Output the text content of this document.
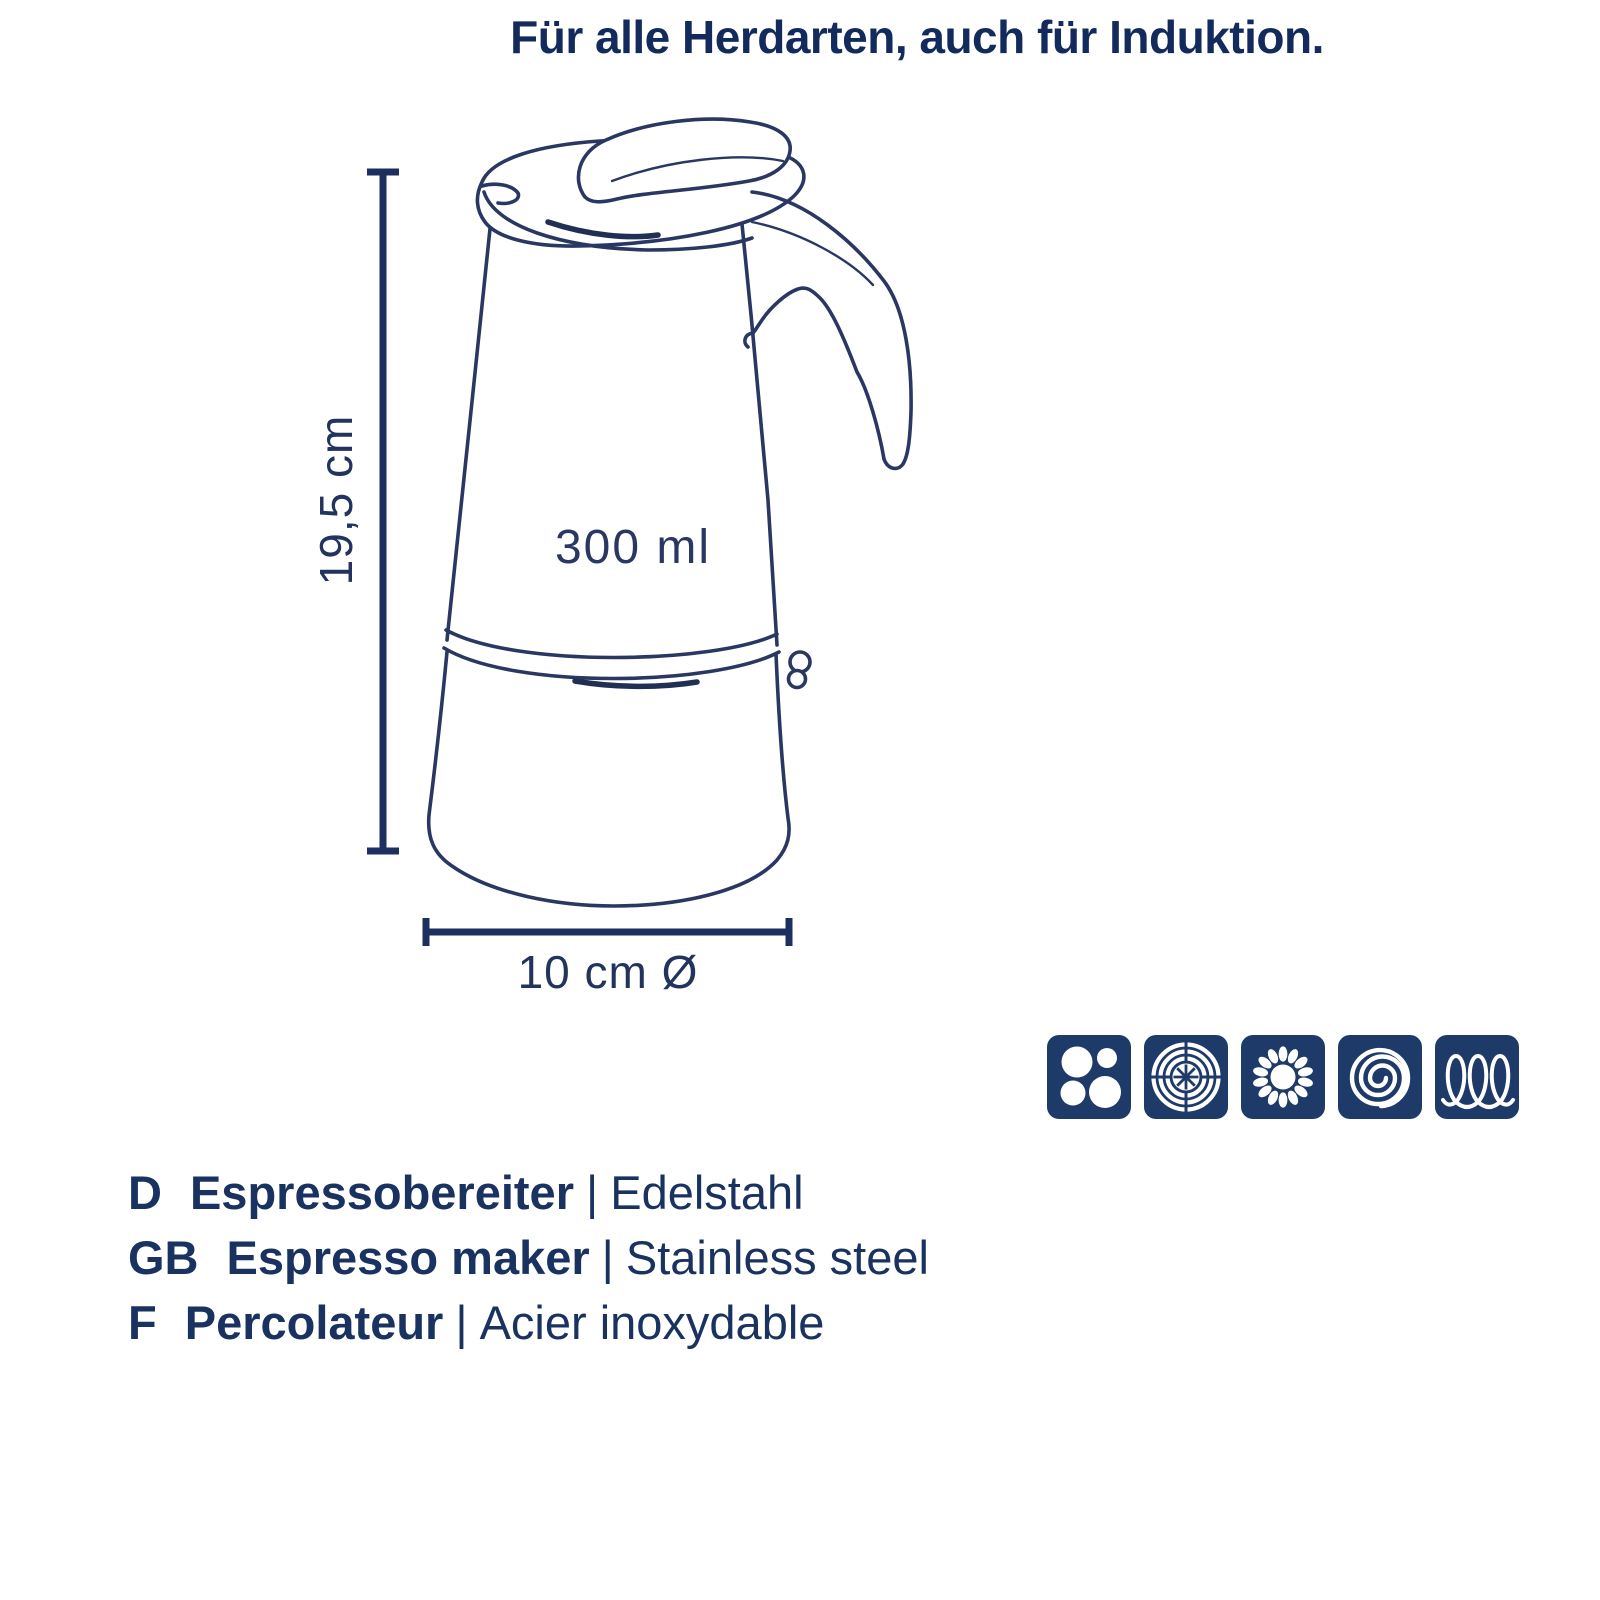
Für alle Herdarten, auch für Induktion.
19,5 cm	300 ml
10 cm Ø
D Espressobereiter | Edelstahl
GB Espresso maker | Stainless steel
F Percolateur | Acier inoxydable
